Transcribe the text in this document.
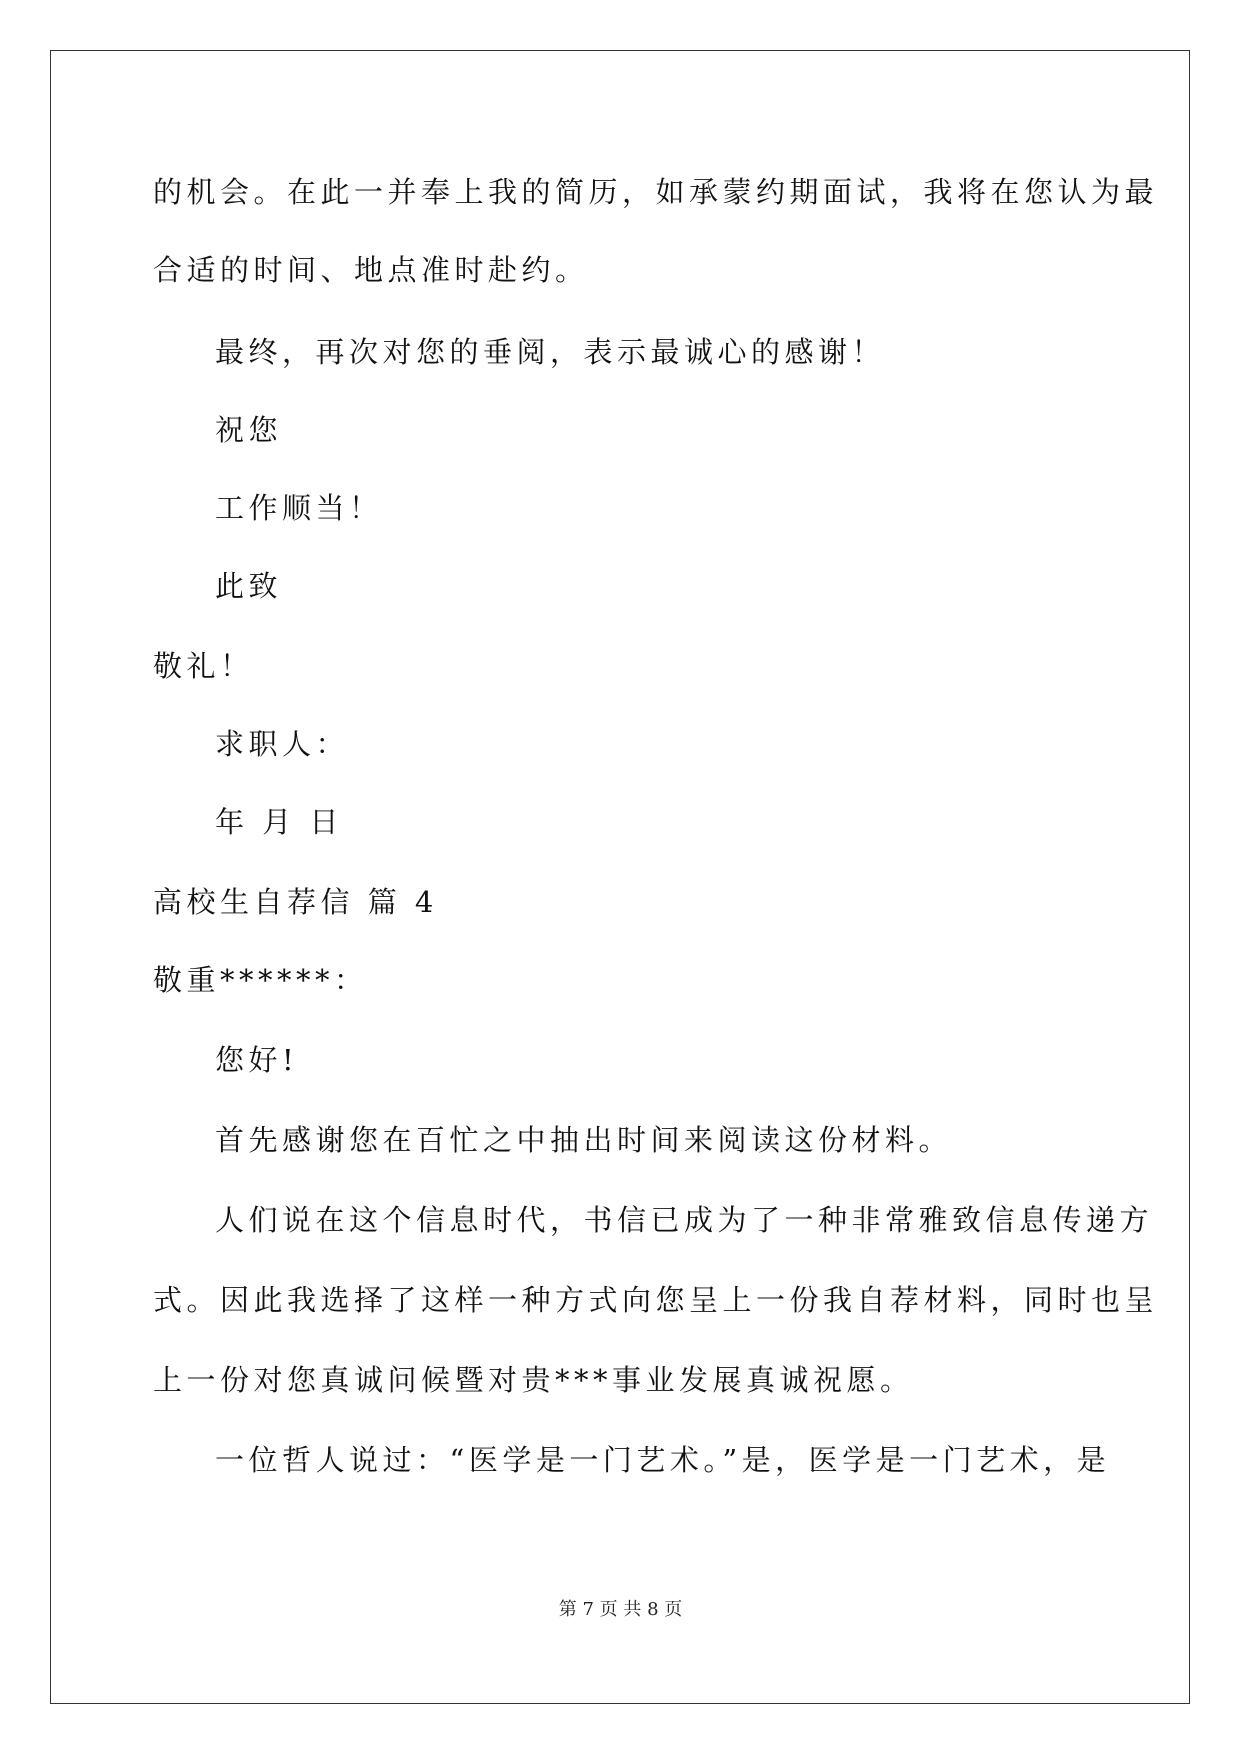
的机会。在此一并奉上我的简历，如承蒙约期面试，我将在您认为最
合适的时间、地点准时赴约。
最终，再次对您的垂阅，表示最诚心的感谢！
祝您
工作顺当！
此致
敬礼！
求职人：
年 月 日
高校生自荐信 篇 4
敬重******：
您好!
首先感谢您在百忙之中抽出时间来阅读这份材料。
人们说在这个信息时代，书信已成为了一种非常雅致信息传递方
式。因此我选择了这样一种方式向您呈上一份我自荐材料，同时也呈
上一份对您真诚问候暨对贵***事业发展真诚祝愿。
一位哲人说过：“医学是一门艺术。”是，医学是一门艺术，是
第 7 页 共 8 页
